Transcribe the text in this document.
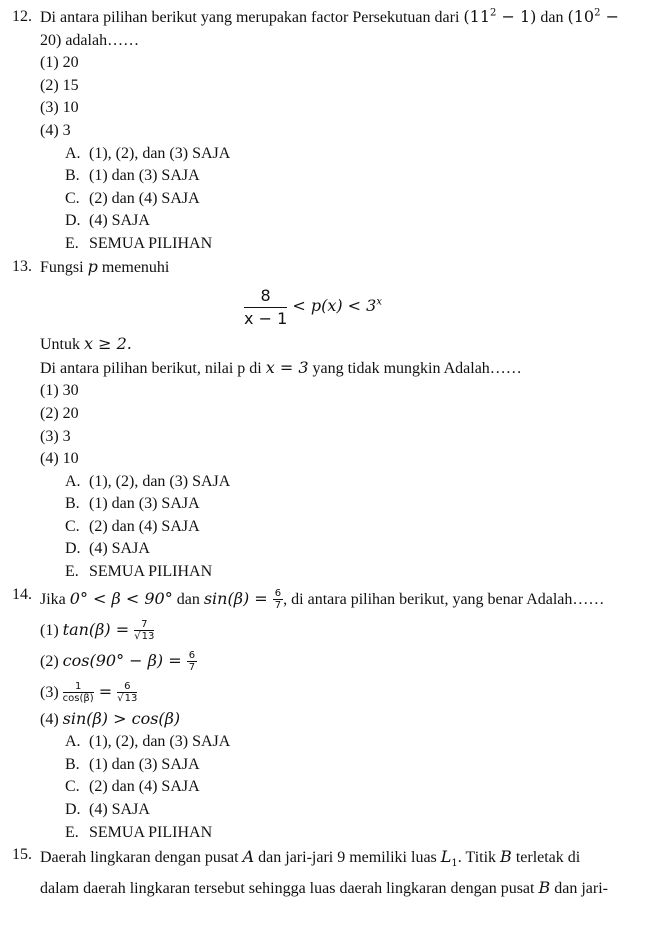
12. Di antara pilihan berikut yang merupakan factor Persekutuan dari $(11^2 - 1)$ dan ($10^2$ −
20) adalah……
(1) 20
(2) 15
(3) 10
(4) 3
A. (1), (2), dan (3) SAJA
B. (1) dan (3) SAJA
C. (2) dan (4) SAJA
D. (4) SAJA
E. SEMUA PILIHAN
13. Fungsi p memenuhi
$\frac{8}{x - 1} < p(x) < 3^x$
Untuk x ≥ 2.
Di antara pilihan berikut, nilai p di x = 3 yang tidak mungkin Adalah……
(1) 30
(2) 20
(3) 3
(4) 10
A. (1), (2), dan (3) SAJA
B. (1) dan (3) SAJA
C. (2) dan (4) SAJA
D. (4) SAJA
E. SEMUA PILIHAN
14. Jika 0° < β < 90° dan $\sin(\beta) = \frac{6}{7}$ , di antara pilihan berikut, yang benar Adalah……
(1) $\tan(\beta) = \frac{7}{√13}$
(2) $\cos(90^\circ - \beta) = \frac{6}{7}$
$(3) \frac{1}{\cos(\beta)} = \frac{6}{√13}$
(4) sin(β) > cos(β)
A. (1), (2), dan (3) SAJA
B. (1) dan (3) SAJA
C. (2) dan (4) SAJA
D. (4) SAJA
E. SEMUA PILIHAN
15. Daerah lingkaran dengan pusat A dan jari-jari 9 memiliki luas $L_1$. Titik B terletak di
dalam daerah lingkaran tersebut sehingga luas daerah lingkaran dengan pusat B dan jari-
